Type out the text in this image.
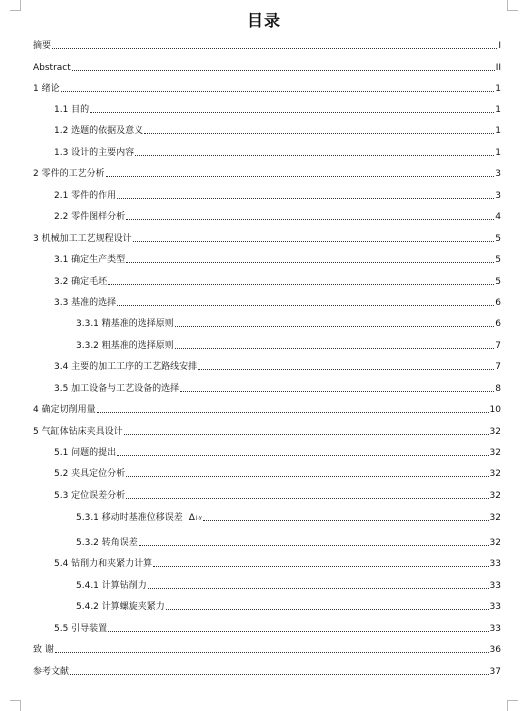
目录
摘要	I
Abstract	II
1 绪论	1
1.1 目的	1
1.2 选题的依据及意义	1
1.3 设计的主要内容	1
2 零件的工艺分析	3
2.1 零件的作用	3
2.2 零件图样分析	4
3 机械加工工艺规程设计	5
3.1 确定生产类型	5
3.2 确定毛坯	5
3.3 基准的选择	6
3.3.1 精基准的选择原则	6
3.3.2 粗基准的选择原则	7
3.4 主要的加工工序的工艺路线安排	7
3.5 加工设备与工艺设备的选择	8
4 确定切削用量	10
5 气缸体钻床夹具设计	32
5.1 问题的提出	32
5.2 夹具定位分析	32
5.3 定位误差分析	32
5.3.1 移动时基准位移误差 Δ j.y	32
5.3.2 转角误差	32
5.4 钻削力和夹紧力计算	33
5.4.1 计算钻削力	33
5.4.2 计算螺旋夹紧力	33
5.5 引导装置	33
致 谢	36
参考文献	37
